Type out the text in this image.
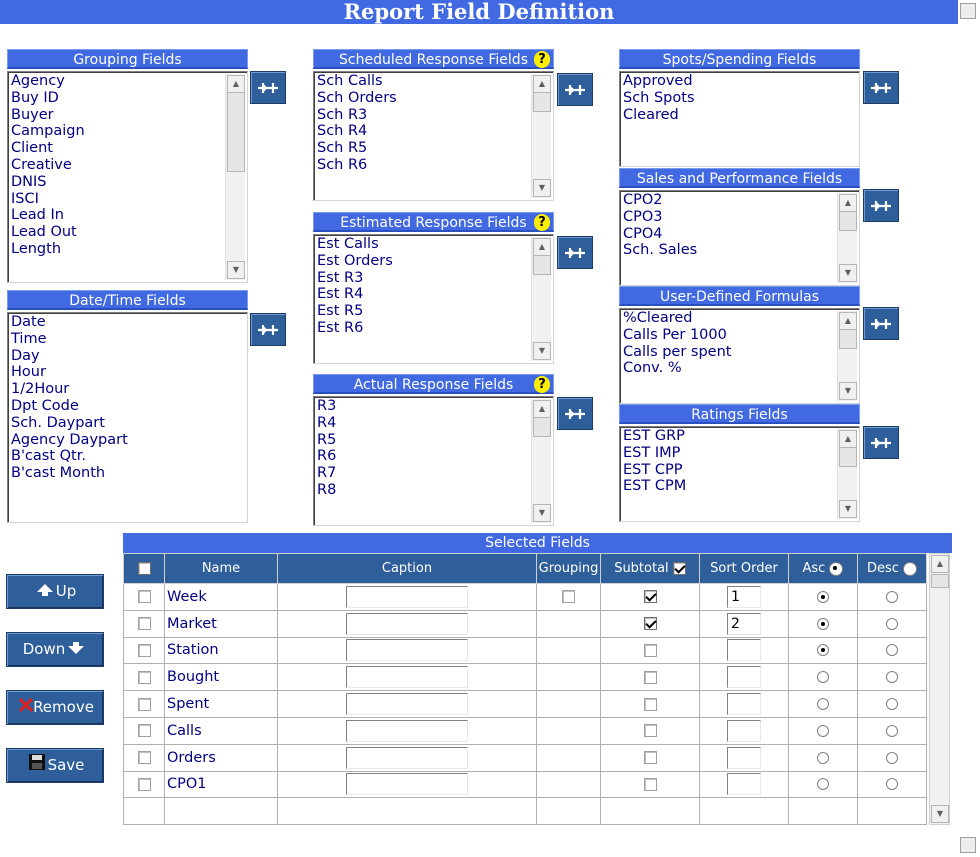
Report Field Definition
Grouping Fields
Agency
Buy ID
Buyer
Campaign
Client
Creative
DNIS
ISCI
Lead In
Lead Out
Length
▲
▼
Date/Time Fields
Date
Time
Day
Hour
1/2Hour
Dpt Code
Sch. Daypart
Agency Daypart
B'cast Qtr.
B'cast Month
Scheduled Response Fields ?
Sch Calls
Sch Orders
Sch R3
Sch R4
Sch R5
Sch R6
▲
▼
Estimated Response Fields ?
Est Calls
Est Orders
Est R3
Est R4
Est R5
Est R6
▲
▼
Actual Response Fields	?
R3
R4
R5
R6
R7
R8
▲
▼
Spots/Spending Fields
Approved
Sch Spots
Cleared
Sales and Performance Fields
CPO2
CPO3
CPO4
Sch. Sales
▲
▼
User-Defined Formulas
%Cleared
Calls Per 1000
Calls per spent
Conv. %
▲
▼
Ratings Fields
EST GRP
EST IMP
EST CPP
EST CPM
▲
▼
Up
Down
Remove
Save
Selected Fields
	Name	Caption	Grouping	Subtotal	Sort Order	Asc	Desc
	Week				1		
	Market				2		
	Station						
	Bought						
	Spent						
	Calls						
	Orders						
	CPO1						

▲
▼
